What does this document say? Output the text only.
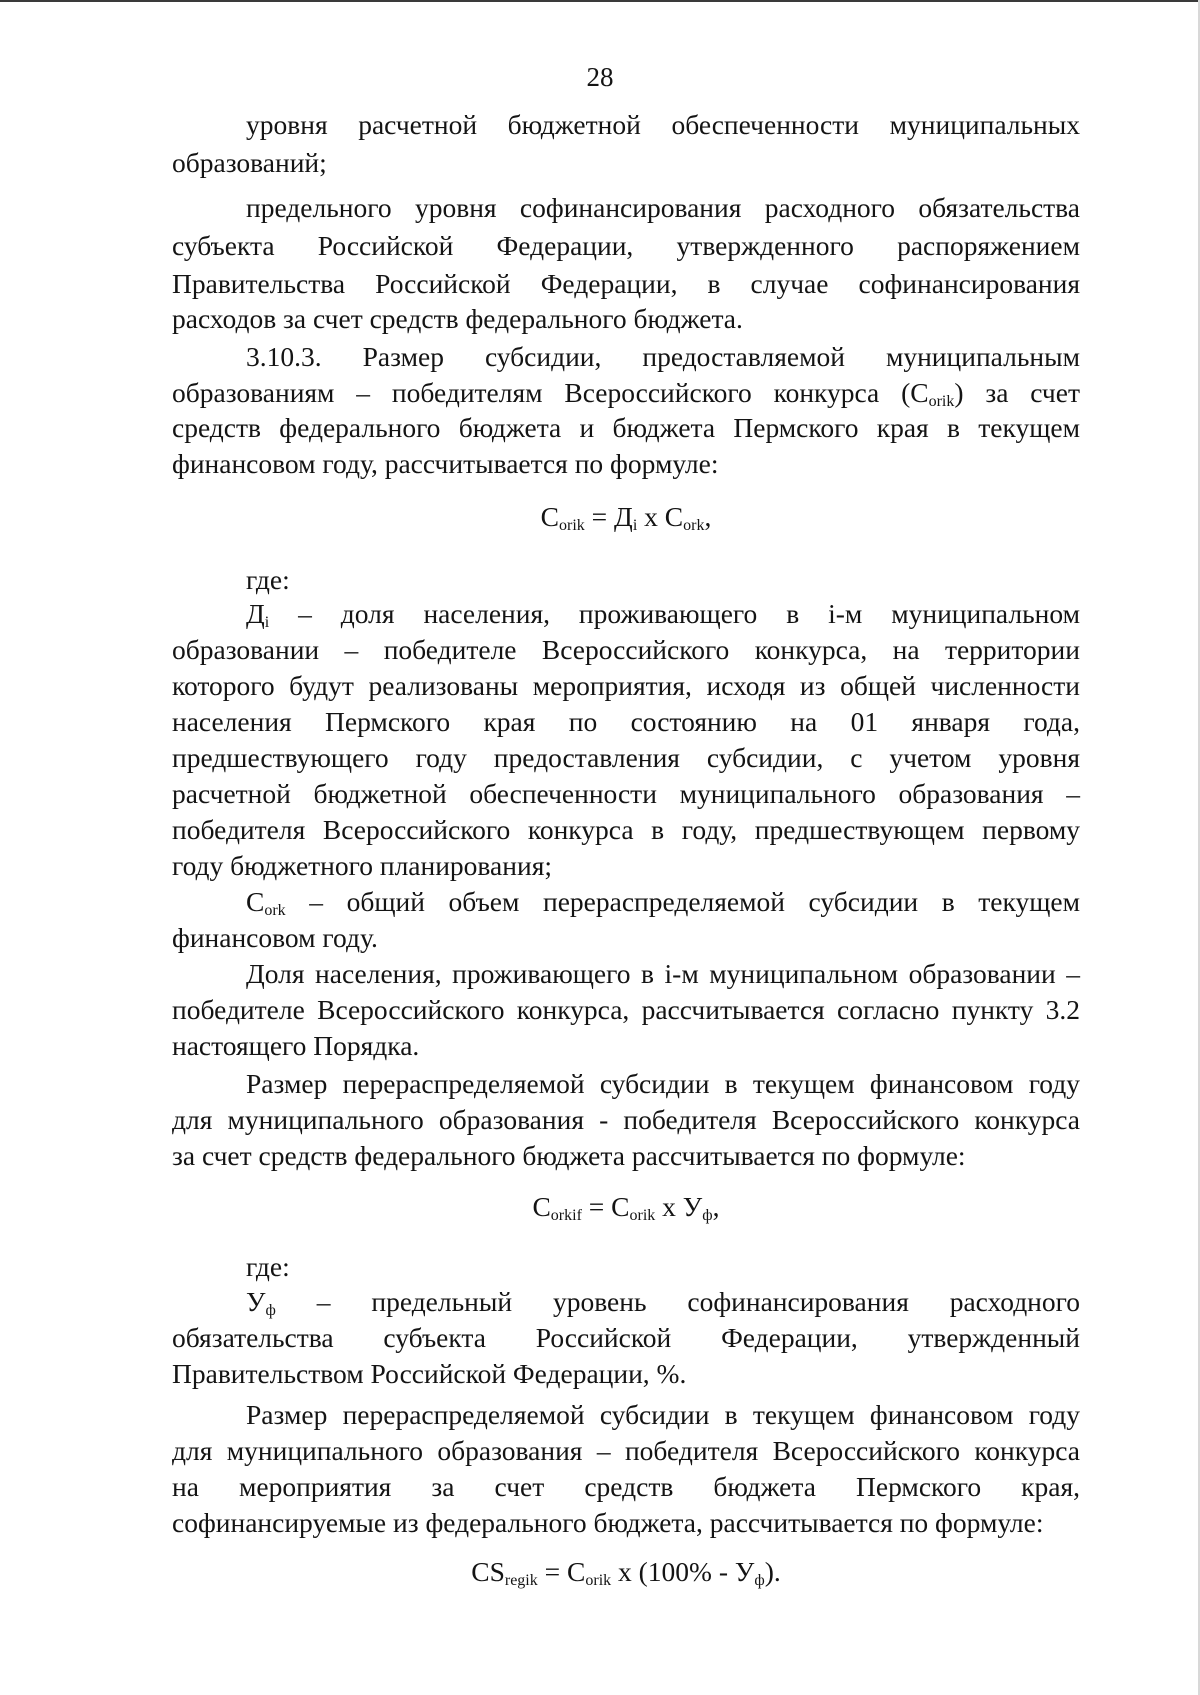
28
уровня расчетной бюджетной обеспеченности муниципальных
образований;
предельного уровня софинансирования расходного обязательства
субъекта Российской Федерации, утвержденного распоряжением
Правительства Российской Федерации, в случае софинансирования
расходов за счет средств федерального бюджета.
3.10.3. Размер субсидии, предоставляемой муниципальным
образованиям – победителям Всероссийского конкурса $(C_{orik})$ за счет
средств федерального бюджета и бюджета Пермского края в текущем
финансовом году, рассчитывается по формуле:
$C_{orik} = Д_i$ x $C_{ork}$,
где:
$Д_i$ – доля населения, проживающего в i-м муниципальном
образовании – победителе Всероссийского конкурса, на территории
которого будут реализованы мероприятия, исходя из общей численности
населения Пермского края по состоянию на 01 января года,
предшествующего году предоставления субсидии, с учетом уровня
расчетной бюджетной обеспеченности муниципального образования –
победителя Всероссийского конкурса в году, предшествующем первому
году бюджетного планирования;
$C_{ork}$ – общий объем перераспределяемой субсидии в текущем
финансовом году.
Доля населения, проживающего в i-м муниципальном образовании –
победителе Всероссийского конкурса, рассчитывается согласно пункту 3.2
настоящего Порядка.
Размер перераспределяемой субсидии в текущем финансовом году
для муниципального образования - победителя Всероссийского конкурса
за счет средств федерального бюджета рассчитывается по формуле:
$C_{orkif} = C_{orik}$ x $У_ф$,
где:
$У_ф$ – предельный уровень софинансирования расходного
обязательства субъекта Российской Федерации, утвержденный
Правительством Российской Федерации, %.
Размер перераспределяемой субсидии в текущем финансовом году
для муниципального образования – победителя Всероссийского конкурса
на мероприятия за счет средств бюджета Пермского края,
софинансируемые из федерального бюджета, рассчитывается по формуле:
$CS_{regik} = C_{orik}$ x $(100\% - У_ф)$.
